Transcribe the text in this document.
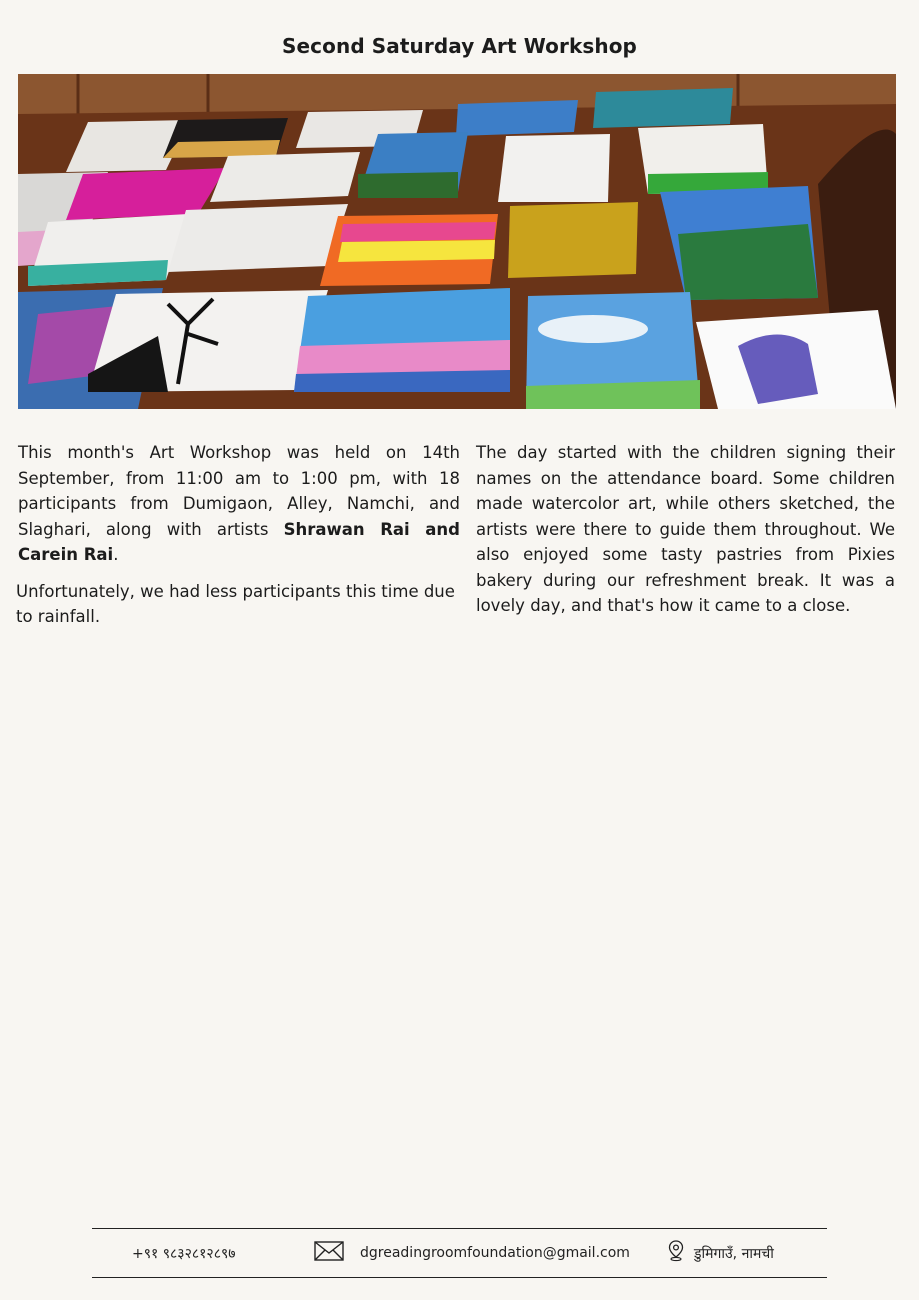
Second Saturday Art Workshop

This month's Art Workshop was held on 14th September, from 11:00 am to 1:00 pm, with 18 participants from Dumigaon, Alley, Namchi, and Slaghari, along with artists Shrawan Rai and Carein Rai.

Unfortunately, we had less participants this time due to rainfall.

The day started with the children signing their names on the attendance board. Some children made watercolor art, while others sketched, the artists were there to guide them throughout. We also enjoyed some tasty pastries from Pixies bakery during our refreshment break. It was a lovely day, and that's how it came to a close.

+९१ ९८३२८१२८९७	dgreadingroomfoundation@gmail.com	डुमिगाउँ, नामची
